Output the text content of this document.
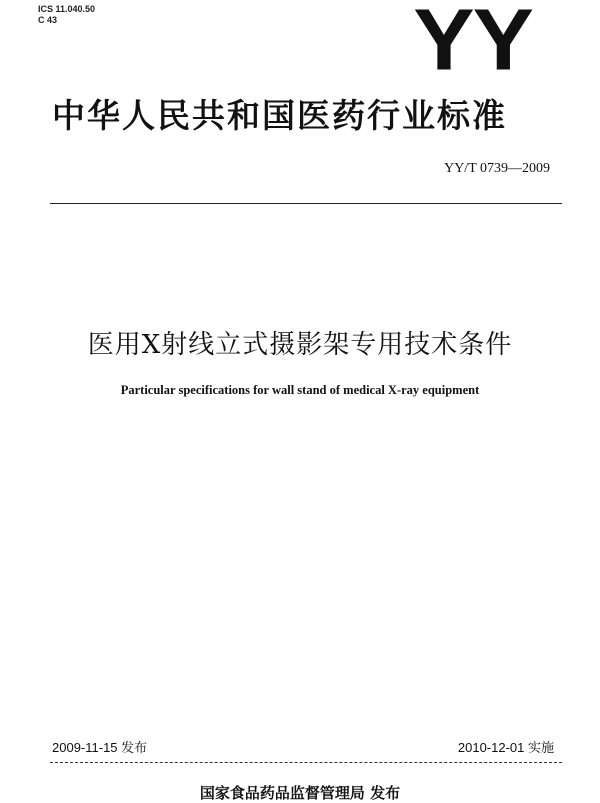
ICS 11.040.50
C 43	YY
中华人民共和国医药行业标准
YY/T 0739—2009
医用X射线立式摄影架专用技术条件
Particular specifications for wall stand of medical X-ray equipment
2009-11-15 发布	2010-12-01 实施
国家食品药品监督管理局 发布
